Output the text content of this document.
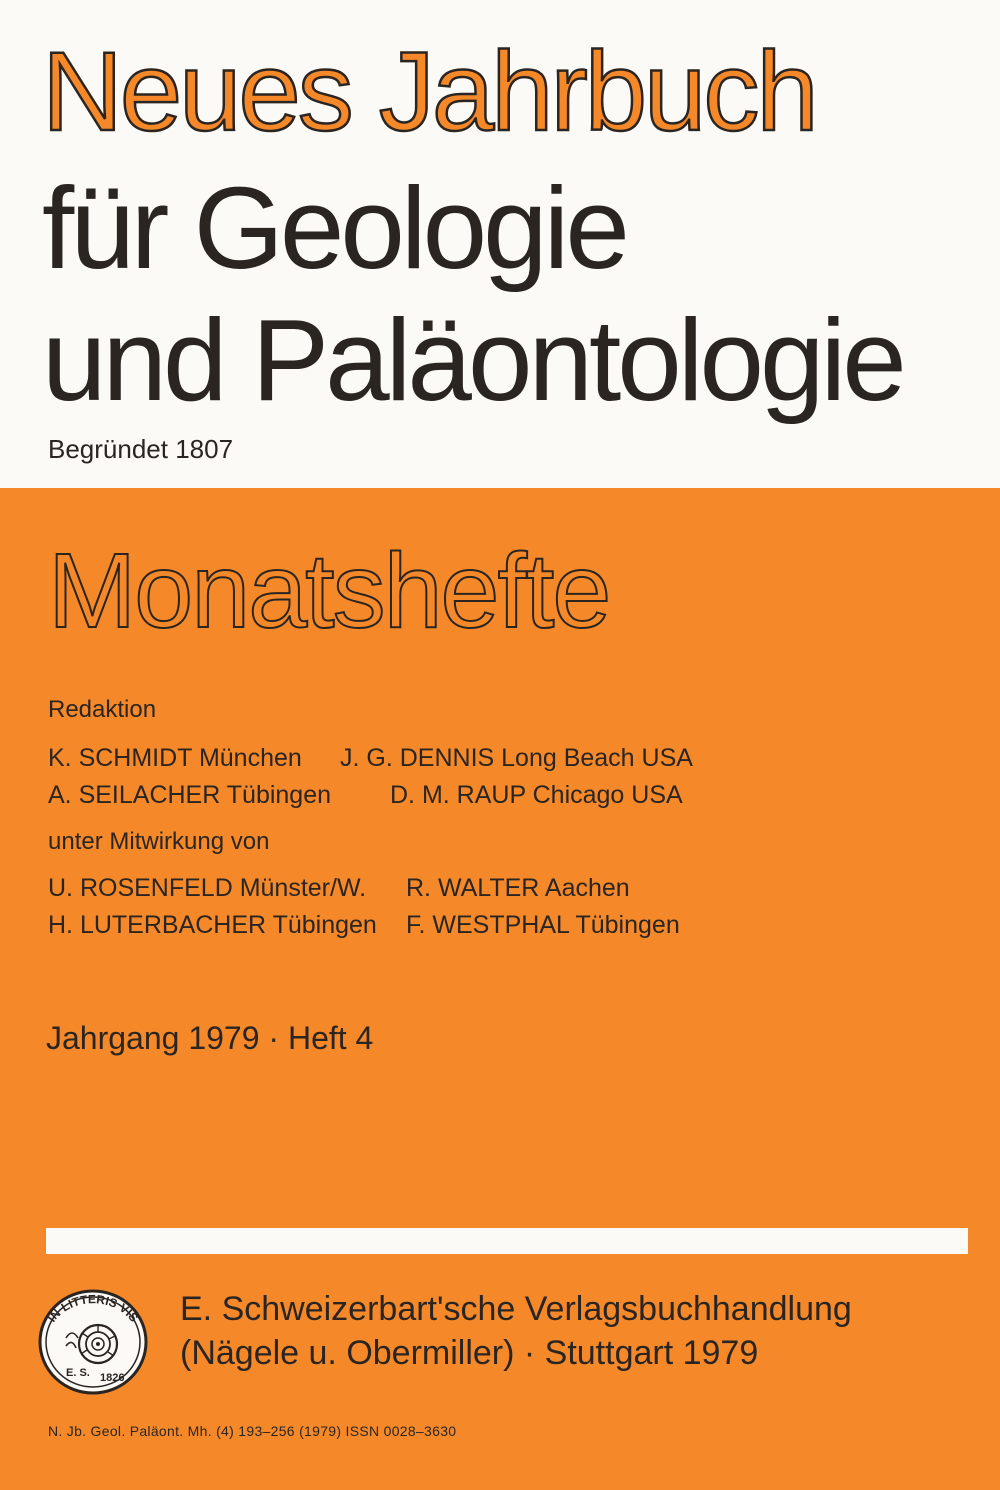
Neues Jahrbuch
für Geologie
und Paläontologie
Begründet 1807
Monatshefte
Redaktion
K. SCHMIDT München J. G. DENNIS Long Beach USA
A. SEILACHER Tübingen D. M. RAUP Chicago USA
unter Mitwirkung von
U. ROSENFELD Münster/W. R. WALTER Aachen
H. LUTERBACHER Tübingen F. WESTPHAL Tübingen
Jahrgang 1979 · Heft 4
IN LITTERIS VIS
E. S. 1826
E. Schweizerbart'sche Verlagsbuchhandlung
(Nägele u. Obermiller) · Stuttgart 1979
N. Jb. Geol. Paläont. Mh. (4) 193–256 (1979) ISSN 0028–3630
